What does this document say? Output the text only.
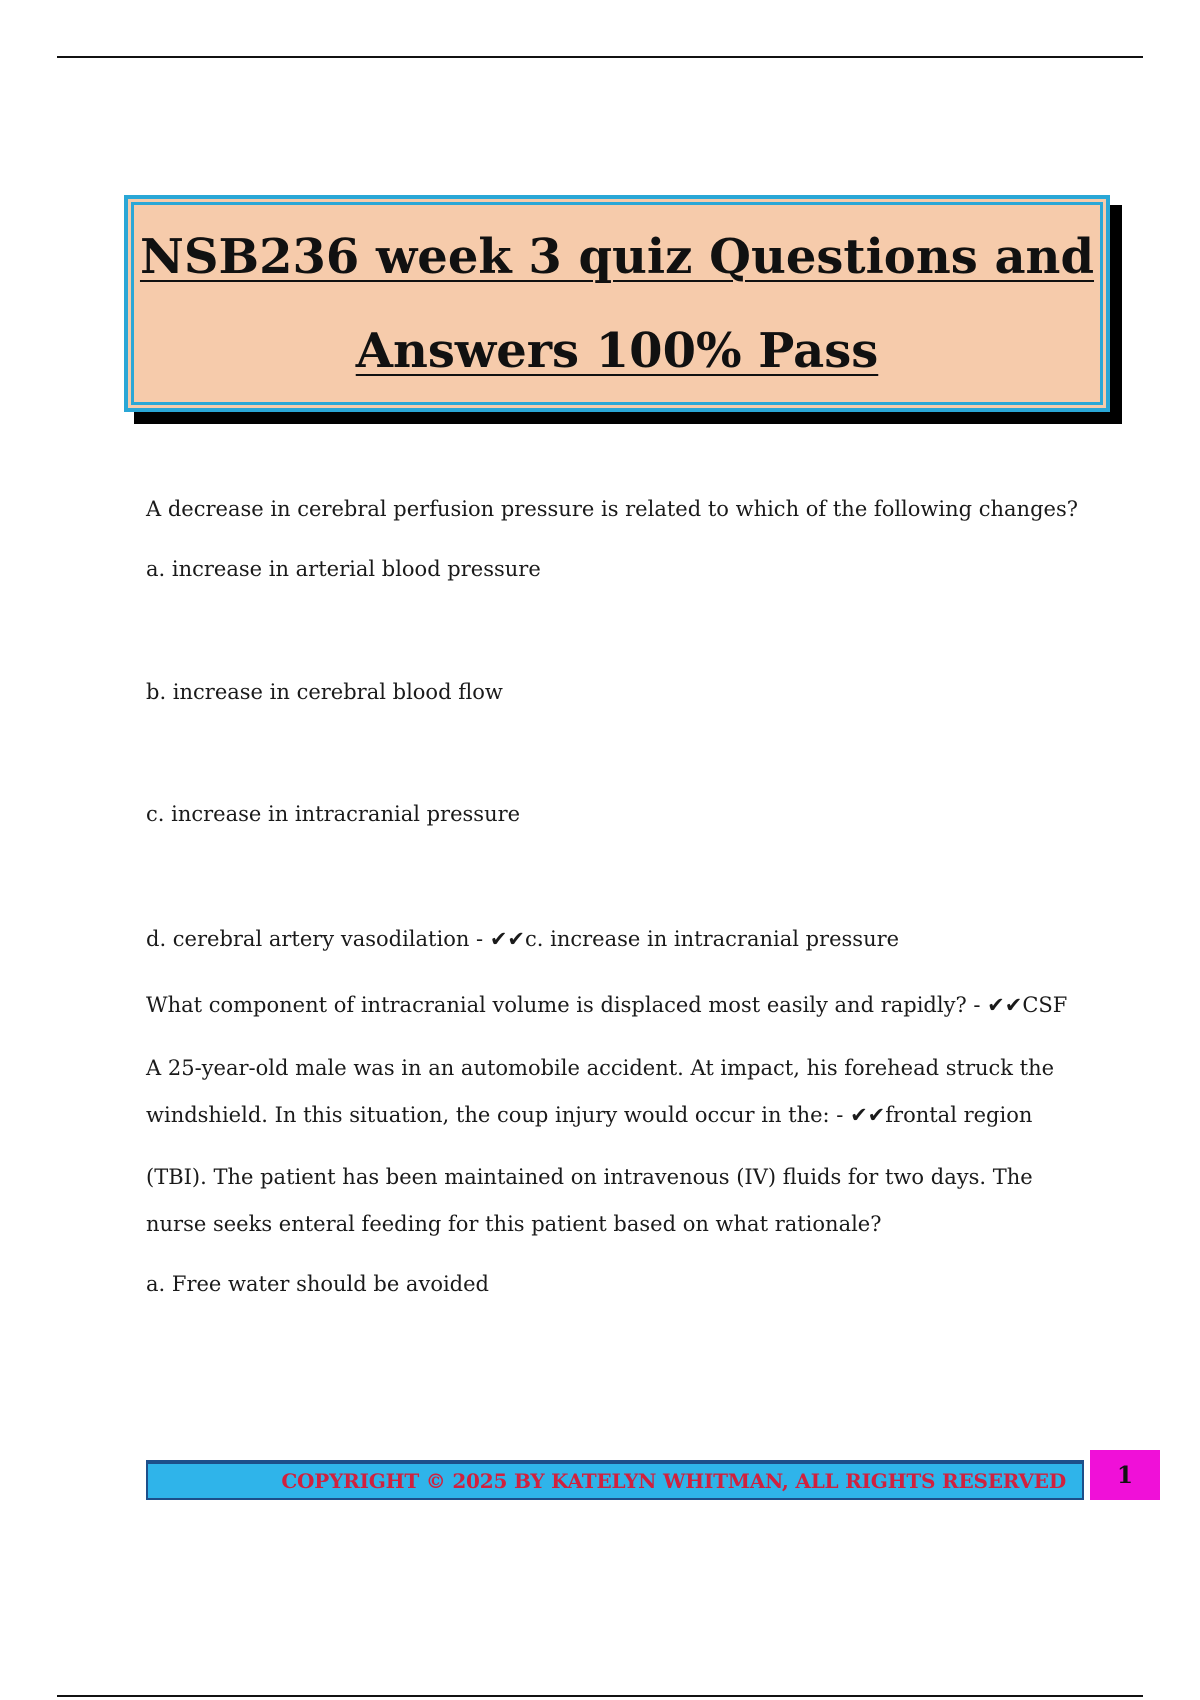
NSB236 week 3 quiz Questions and
Answers 100% Pass
A decrease in cerebral perfusion pressure is related to which of the following changes?
a. increase in arterial blood pressure
b. increase in cerebral blood flow
c. increase in intracranial pressure
d. cerebral artery vasodilation - ✔✔c. increase in intracranial pressure
What component of intracranial volume is displaced most easily and rapidly? - ✔✔CSF
A 25-year-old male was in an automobile accident. At impact, his forehead struck the
windshield. In this situation, the coup injury would occur in the: - ✔✔frontal region
(TBI). The patient has been maintained on intravenous (IV) fluids for two days. The
nurse seeks enteral feeding for this patient based on what rationale?
a. Free water should be avoided
COPYRIGHT © 2025 BY KATELYN WHITMAN, ALL RIGHTS RESERVED 1
